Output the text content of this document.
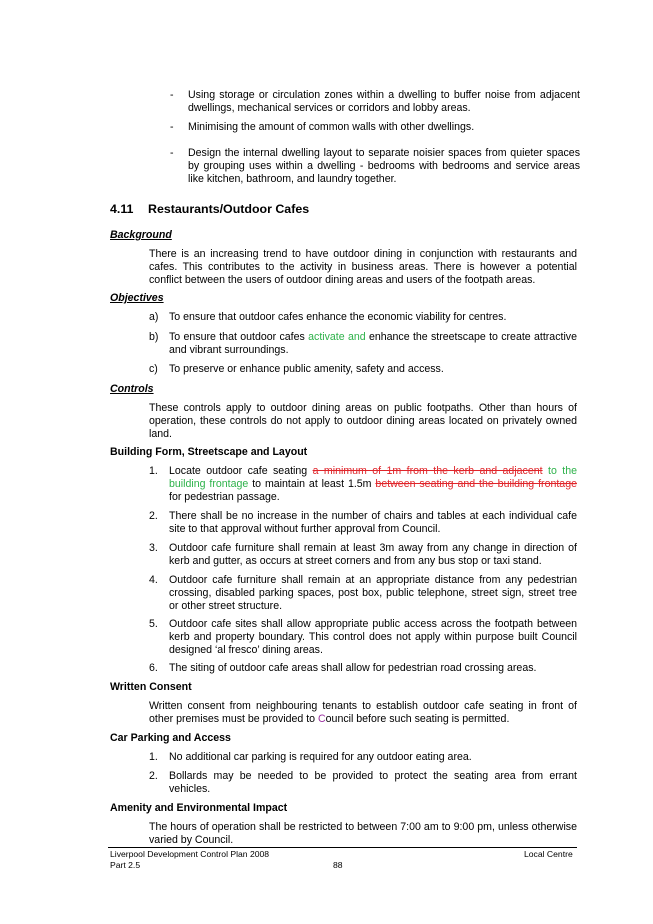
- Using storage or circulation zones within a dwelling to buffer noise from adjacent dwellings, mechanical services or corridors and lobby areas.
- Minimising the amount of common walls with other dwellings.
- Design the internal dwelling layout to separate noisier spaces from quieter spaces by grouping uses within a dwelling - bedrooms with bedrooms and service areas like kitchen, bathroom, and laundry together.
4.11 Restaurants/Outdoor Cafes
Background
There is an increasing trend to have outdoor dining in conjunction with restaurants and cafes. This contributes to the activity in business areas. There is however a potential conflict between the users of outdoor dining areas and users of the footpath areas.
Objectives
a) To ensure that outdoor cafes enhance the economic viability for centres.
b) To ensure that outdoor cafes activate and enhance the streetscape to create attractive and vibrant surroundings.
c)	To preserve or enhance public amenity, safety and access.
Controls
These controls apply to outdoor dining areas on public footpaths. Other than hours of operation, these controls do not apply to outdoor dining areas located on privately owned land.
Building Form, Streetscape and Layout
1.	Locate outdoor cafe seating a minimum of 1m from the kerb and adjacent to the building frontage to maintain at least 1.5m between seating and the building frontage for pedestrian passage.
2.	There shall be no increase in the number of chairs and tables at each individual cafe site to that approval without further approval from Council.
3.	Outdoor cafe furniture shall remain at least 3m away from any change in direction of kerb and gutter, as occurs at street corners and from any bus stop or taxi stand.
4.	Outdoor cafe furniture shall remain at an appropriate distance from any pedestrian crossing, disabled parking spaces, post box, public telephone, street sign, street tree or other street structure.
5.	Outdoor cafe sites shall allow appropriate public access across the footpath between kerb and property boundary. This control does not apply within purpose built Council designed ‘al fresco’ dining areas.
6.	The siting of outdoor cafe areas shall allow for pedestrian road crossing areas.
Written Consent
Written consent from neighbouring tenants to establish outdoor cafe seating in front of other premises must be provided to Council before such seating is permitted.
Car Parking and Access
1.	No additional car parking is required for any outdoor eating area.
2.	Bollards may be needed to be provided to protect the seating area from errant vehicles.
Amenity and Environmental Impact
The hours of operation shall be restricted to between 7:00 am to 9:00 pm, unless otherwise varied by Council.
Liverpool Development Control Plan 2008
Part 2.5	88
Local Centre
